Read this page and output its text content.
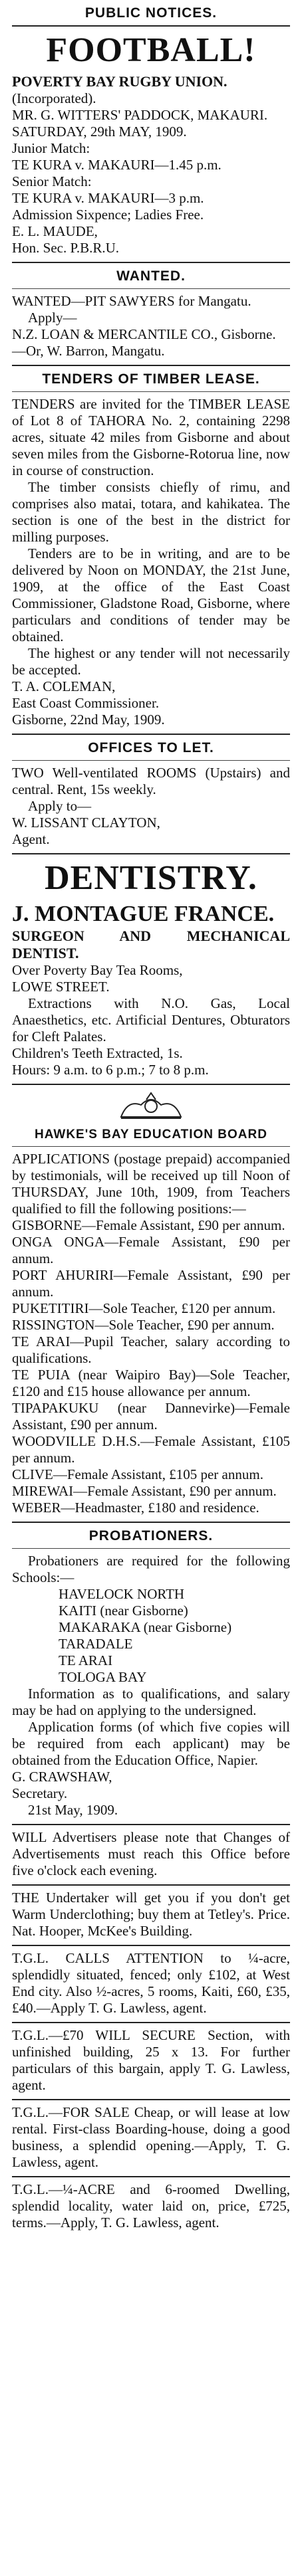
PUBLIC NOTICES.
FOOTBALL!

POVERTY BAY RUGBY UNION.

(Incorporated).

MR. G. WITTERS' PADDOCK, MAKAURI.

SATURDAY, 29th MAY, 1909.

Junior Match:

TE KURA v. MAKAURI—1.45 p.m.

Senior Match:

TE KURA v. MAKAURI—3 p.m.

Admission Sixpence; Ladies Free.

E. L. MAUDE,

Hon. Sec. P.B.R.U.

WANTED.

WANTED—PIT SAWYERS for Mangatu.

Apply—

N.Z. LOAN & MERCANTILE CO., Gisborne.

—Or, W. Barron, Mangatu.

TENDERS OF TIMBER LEASE.

TENDERS are invited for the TIMBER LEASE of Lot 8 of TAHORA No. 2, containing 2298 acres, situate 42 miles from Gisborne and about seven miles from the Gisborne-Rotorua line, now in course of construction.

The timber consists chiefly of rimu, and comprises also matai, totara, and kahikatea. The section is one of the best in the district for milling purposes.

Tenders are to be in writing, and are to be delivered by Noon on MONDAY, the 21st June, 1909, at the office of the East Coast Commissioner, Gladstone Road, Gisborne, where particulars and conditions of tender may be obtained.

The highest or any tender will not necessarily be accepted.

T. A. COLEMAN,

East Coast Commissioner.

Gisborne, 22nd May, 1909.

OFFICES TO LET.

TWO Well-ventilated ROOMS (Upstairs) and central. Rent, 15s weekly.

Apply to—

W. LISSANT CLAYTON,

Agent.

DENTISTRY.

J. MONTAGUE FRANCE.

SURGEON AND MECHANICAL DENTIST.

Over Poverty Bay Tea Rooms,

LOWE STREET.

Extractions with N.O. Gas, Local Anaesthetics, etc. Artificial Dentures, Obturators for Cleft Palates.

Children's Teeth Extracted, 1s.

Hours: 9 a.m. to 6 p.m.; 7 to 8 p.m.

HAWKE'S BAY EDUCATION BOARD

APPLICATIONS (postage prepaid) accompanied by testimonials, will be received up till Noon of THURSDAY, June 10th, 1909, from Teachers qualified to fill the following positions:—

GISBORNE—Female Assistant, £90 per annum.

ONGA ONGA—Female Assistant, £90 per annum.

PORT AHURIRI—Female Assistant, £90 per annum.

PUKETITIRI—Sole Teacher, £120 per annum.

RISSINGTON—Sole Teacher, £90 per annum.

TE ARAI—Pupil Teacher, salary according to qualifications.

TE PUIA (near Waipiro Bay)—Sole Teacher, £120 and £15 house allowance per annum.

TIPAPAKUKU (near Dannevirke)—Female Assistant, £90 per annum.

WOODVILLE D.H.S.—Female Assistant, £105 per annum.

CLIVE—Female Assistant, £105 per annum.

MIREWAI—Female Assistant, £90 per annum.

WEBER—Headmaster, £180 and residence.

PROBATIONERS.

Probationers are required for the following Schools:—

HAVELOCK NORTH

KAITI (near Gisborne)

MAKARAKA (near Gisborne)

TARADALE

TE ARAI

TOLOGA BAY

Information as to qualifications, and salary may be had on applying to the undersigned.

Application forms (of which five copies will be required from each applicant) may be obtained from the Education Office, Napier.

G. CRAWSHAW,

Secretary.

21st May, 1909.

WILL Advertisers please note that Changes of Advertisements must reach this Office before five o'clock each evening.

THE Undertaker will get you if you don't get Warm Underclothing; buy them at Tetley's. Price. Nat. Hooper, McKee's Building.

T.G.L. CALLS ATTENTION to ¼-acre, splendidly situated, fenced; only £102, at West End city. Also ½-acres, 5 rooms, Kaiti, £60, £35, £40.—Apply T. G. Lawless, agent.

T.G.L.—£70 WILL SECURE Section, with unfinished building, 25 x 13. For further particulars of this bargain, apply T. G. Lawless, agent.

T.G.L.—FOR SALE Cheap, or will lease at low rental. First-class Boarding-house, doing a good business, a splendid opening.—Apply, T. G. Lawless, agent.

T.G.L.—¼-ACRE and 6-roomed Dwelling, splendid locality, water laid on, price, £725, terms.—Apply, T. G. Lawless, agent.
